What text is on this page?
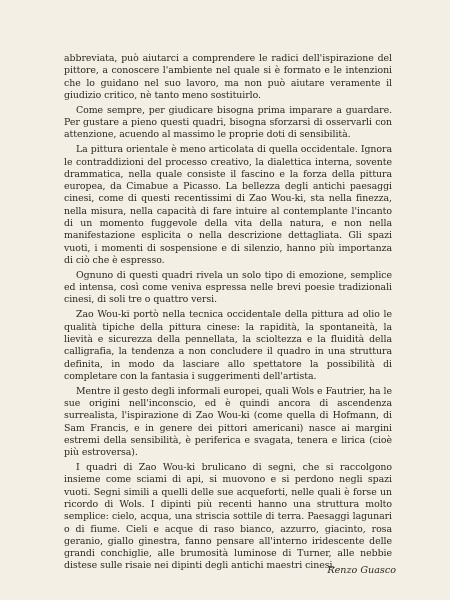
abbreviata, può aiutarci a comprendere le radici dell'ispirazione del pittore, a conoscere l'ambiente nel quale si è formato e le intenzioni che lo guidano nel suo lavoro, ma non può aiutare veramente il giudizio critico, nè tanto meno sostituirlo.

Come sempre, per giudicare bisogna prima imparare a guardare. Per gustare a pieno questi quadri, bisogna sforzarsi di osservarli con attenzione, acuendo al massimo le proprie doti di sensibilità.

La pittura orientale è meno articolata di quella occidentale. Ignora le contraddizioni del processo creativo, la dialettica interna, sovente drammatica, nella quale consiste il fascino e la forza della pittura europea, da Cimabue a Picasso. La bellezza degli antichi paesaggi cinesi, come di questi recentissimi di Zao Wou-ki, sta nella finezza, nella misura, nella capacità di fare intuire al contemplante l'incanto di un momento fuggevole della vita della natura, e non nella manifestazione esplicita o nella descrizione dettagliata. Gli spazi vuoti, i momenti di sospensione e di silenzio, hanno più importanza di ciò che è espresso.

Ognuno di questi quadri rivela un solo tipo di emozione, semplice ed intensa, così come veniva espressa nelle brevi poesie tradizionali cinesi, di soli tre o quattro versi.

Zao Wou-ki portò nella tecnica occidentale della pittura ad olio le qualità tipiche della pittura cinese: la rapidità, la spontaneità, la lievità e sicurezza della pennellata, la scioltezza e la fluidità della calligrafia, la tendenza a non concludere il quadro in una struttura definita, in modo da lasciare allo spettatore la possibilità di completare con la fantasia i suggerimenti dell'artista.

Mentre il gesto degli informali europei, quali Wols e Fautrier, ha le sue origini nell'inconscio, ed è quindi ancora di ascendenza surrealista, l'ispirazione di Zao Wou-ki (come quella di Hofmann, di Sam Francis, e in genere dei pittori americani) nasce ai margini estremi della sensibilità, è periferica e svagata, tenera e lirica (cioè più estroversa).

I quadri di Zao Wou-ki brulicano di segni, che si raccolgono insieme come sciami di api, si muovono e si perdono negli spazi vuoti. Segni simili a quelli delle sue acqueforti, nelle quali è forse un ricordo di Wols. I dipinti più recenti hanno una struttura molto semplice: cielo, acqua, una striscia sottile di terra. Paesaggi lagunari o di fiume. Cieli e acque di raso bianco, azzurro, giacinto, rosa geranio, giallo ginestra, fanno pensare all'interno iridescente delle grandi conchiglie, alle brumosità luminose di Turner, alle nebbie distese sulle risaie nei dipinti degli antichi maestri cinesi.

Renzo Guasco
